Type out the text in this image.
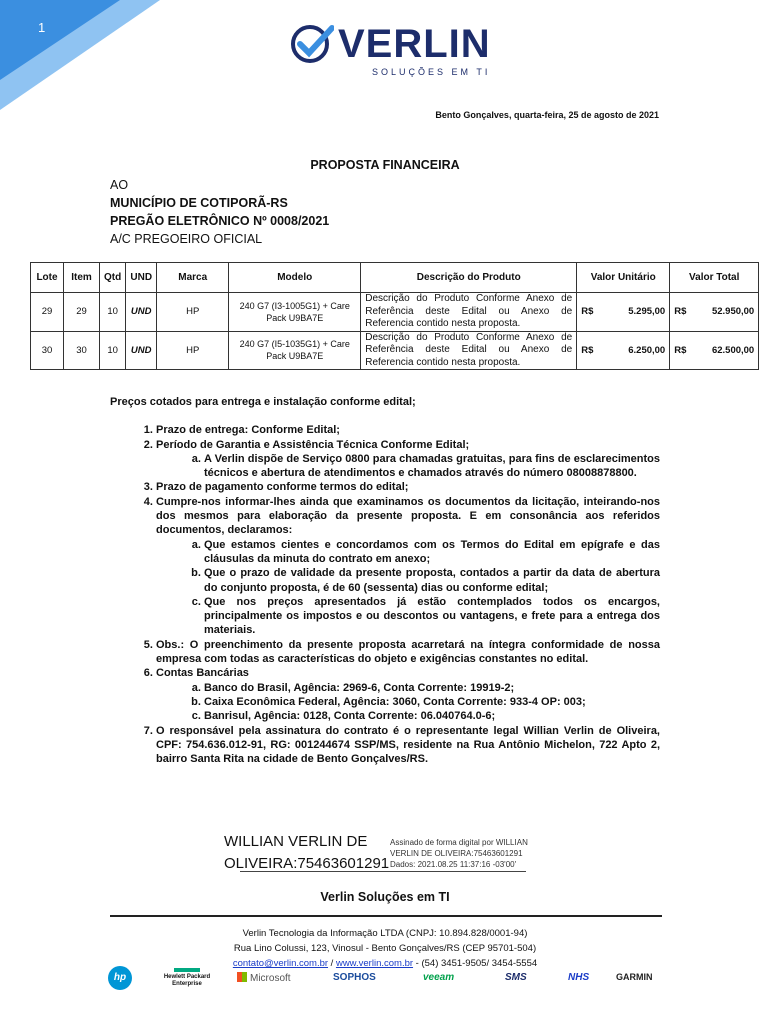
1	VERLIN
SOLUÇÕES EM TI
Bento Gonçalves, quarta-feira, 25 de agosto de 2021
PROPOSTA FINANCEIRA
AO
MUNICÍPIO DE COTIPORÃ-RS
PREGÃO ELETRÔNICO Nº 0008/2021
A/C PREGOEIRO OFICIAL
Lote	Item	Qtd	UND	Marca	Modelo	Descrição do Produto	Valor Unitário	Valor Total
29	29	10	UND	HP	240 G7 (I3-1005G1) + Care Pack U9BA7E	Descrição do Produto Conforme Anexo de Referência deste Edital ou Anexo de Referencia contido nesta proposta.	R$ 5.295,00	R$ 52.950,00

30	30	10	UND	HP	240 G7 (I5-1035G1) + Care Pack U9BA7E	Descrição do Produto Conforme Anexo de Referência deste Edital ou Anexo de Referencia contido nesta proposta.	R$ 6.250,00	R$ 62.500,00

Preços cotados para entrega e instalação conforme edital;

1. Prazo de entrega: Conforme Edital;
2. Período de Garantia e Assistência Técnica Conforme Edital;
a. A Verlin dispõe de Serviço 0800 para chamadas gratuitas, para fins de esclarecimentos técnicos e abertura de atendimentos e chamados através do número 08008878800.
3. Prazo de pagamento conforme termos do edital;
4. Cumpre-nos informar-lhes ainda que examinamos os documentos da licitação, inteirando-nos dos mesmos para elaboração da presente proposta. E em consonância aos referidos documentos, declaramos:
a. Que estamos cientes e concordamos com os Termos do Edital em epígrafe e das cláusulas da minuta do contrato em anexo;
b. Que o prazo de validade da presente proposta, contados a partir da data de abertura do conjunto proposta, é de 60 (sessenta) dias ou conforme edital;
c. Que nos preços apresentados já estão contemplados todos os encargos, principalmente os impostos e ou descontos ou vantagens, e frete para a entrega dos materiais.
5. Obs.: O preenchimento da presente proposta acarretará na íntegra conformidade de nossa empresa com todas as características do objeto e exigências constantes no edital.
6. Contas Bancárias
a. Banco do Brasil, Agência: 2969-6, Conta Corrente: 19919-2;
b. Caixa Econômica Federal, Agência: 3060, Conta Corrente: 933-4 OP: 003;
c. Banrisul, Agência: 0128, Conta Corrente: 06.040764.0-6;
7. O responsável pela assinatura do contrato é o representante legal Willian Verlin de Oliveira, CPF: 754.636.012-91, RG: 001244674 SSP/MS, residente na Rua Antônio Michelon, 722 Apto 2, bairro Santa Rita na cidade de Bento Gonçalves/RS.
WILLIAN VERLIN DE
OLIVEIRA:75463601291
Assinado de forma digital por WILLIAN
VERLIN DE OLIVEIRA:75463601291
Dados: 2021.08.25 11:37:16 -03'00'
Verlin Soluções em TI
Verlin Tecnologia da Informação LTDA (CNPJ: 10.894.828/0001-94)
Rua Lino Colussi, 123, Vinosul - Bento Gonçalves/RS (CEP 95701-504)
contato@verlin.com.br / www.verlin.com.br - (54) 3451-9505/ 3454-5554
hp	Hewlett Packard Enterprise	Microsoft	SOPHOS	veeam	SMS	NHS	GARMIN
